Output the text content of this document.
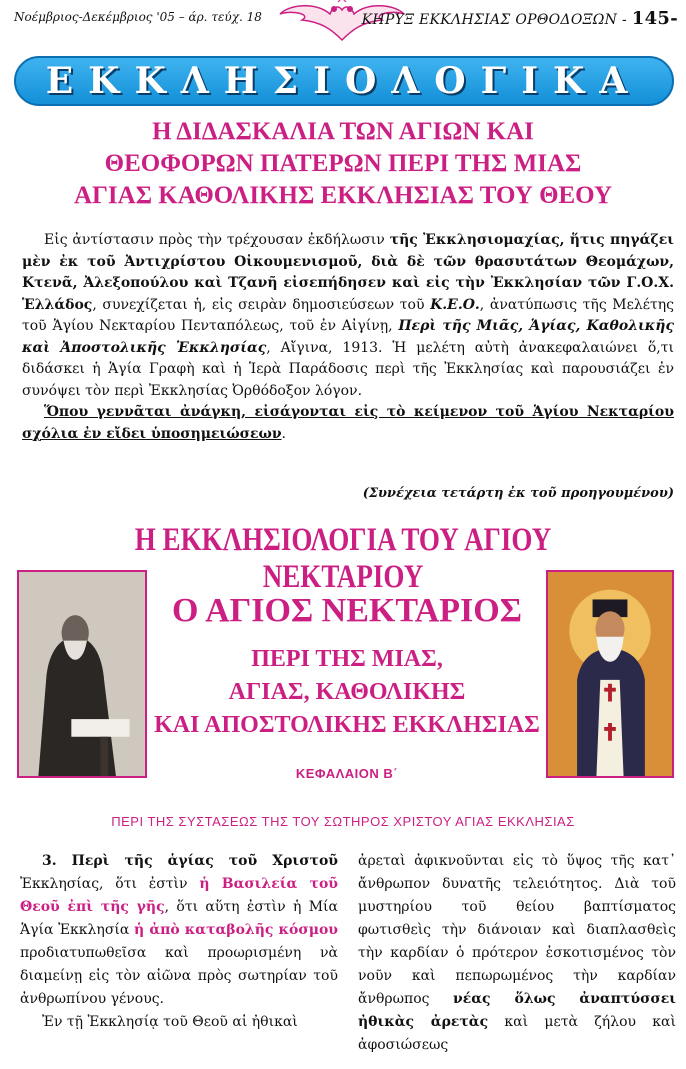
Νοέμβριος-Δεκέμβριος '05 – άρ. τεύχ. 18	ΚΗΡΥΞ ΕΚΚΛΗΣΙΑΣ ΟΡΘΟΔΟΞΩΝ - 145-
ΕΚΚΛΗΣΙΟΛΟΓΙΚΑ
Η ΔΙΔΑΣΚΑΛΙΑ ΤΩΝ ΑΓΙΩΝ ΚΑΙ
ΘΕΟΦΟΡΩΝ ΠΑΤΕΡΩΝ ΠΕΡΙ ΤΗΣ ΜΙΑΣ
ΑΓΙΑΣ ΚΑΘΟΛΙΚΗΣ ΕΚΚΛΗΣΙΑΣ ΤΟΥ ΘΕΟΥ

Εἰς ἀντίστασιν πρὸς τὴν τρέχουσαν ἐκδήλωσιν τῆς Ἐκκλησιομαχίας, ἥτις πηγάζει μὲν ἐκ τοῦ Ἀντιχρίστου Οἰκουμενισμοῦ, διὰ δὲ τῶν θρασυτάτων Θεομάχων, Κτενᾶ, Ἀλεξοπούλου καὶ Τζανῆ εἰσεπήδησεν καὶ εἰς τὴν Ἐκκλησίαν τῶν Γ.Ο.Χ. Ἑλλάδος, συνεχίζεται ἡ, εἰς σειρὰν δημοσιεύσεων τοῦ Κ.Ε.Ο., ἀνατύπωσις τῆς Μελέτης τοῦ Ἁγίου Νεκταρίου Πενταπόλεως, τοῦ ἐν Αἰγίνῃ, Περὶ τῆς Μιᾶς, Ἁγίας, Καθολικῆς καὶ Ἀποστολικῆς Ἐκκλησίας, Αἴγινα, 1913. Ἡ μελέτη αὐτὴ ἀνακεφαλαιώνει ὅ,τι διδάσκει ἡ Ἁγία Γραφὴ καὶ ἡ Ἱερὰ Παράδοσις περὶ τῆς Ἐκκλησίας καὶ παρουσιάζει ἐν συνόψει τὸν περὶ Ἐκκλησίας Ὀρθόδοξον λόγον.

Ὅπου γεννᾶται ἀνάγκη, εἰσάγονται εἰς τὸ κείμενον τοῦ Ἁγίου Νεκταρίου σχόλια ἐν εἴδει ὑποσημειώσεων.

(Συνέχεια τετάρτη ἐκ τοῦ προηγουμένου)
Η ΕΚΚΛΗΣΙΟΛΟΓΙΑ ΤΟΥ ΑΓΙΟΥ ΝΕΚΤΑΡΙΟΥ
Ο ΑΓΙΟΣ ΝΕΚΤΑΡΙΟΣ
ΠΕΡΙ ΤΗΣ ΜΙΑΣ,
ΑΓΙΑΣ, ΚΑΘΟΛΙΚΗΣ
ΚΑΙ ΑΠΟΣΤΟΛΙΚΗΣ ΕΚΚΛΗΣΙΑΣ
ΚΕΦΑΛΑΙΟΝ Β΄
ΠΕΡΙ ΤΗΣ ΣΥΣΤΑΣΕΩΣ ΤΗΣ ΤΟΥ ΣΩΤΗΡΟΣ ΧΡΙΣΤΟΥ ΑΓΙΑΣ ΕΚΚΛΗΣΙΑΣ

3. Περὶ τῆς ἁγίας τοῦ Χριστοῦ Ἐκκλησίας, ὅτι ἐστὶν ἡ Βασιλεία τοῦ Θεοῦ ἐπὶ τῆς γῆς, ὅτι αὕτη ἐστὶν ἡ Μία Ἁγία Ἐκκλησία ἡ ἀπὸ καταβολῆς κόσμου προδιατυπωθεῖσα καὶ προωρισμένη νὰ διαμείνῃ εἰς τὸν αἰῶνα πρὸς σωτηρίαν τοῦ ἀνθρωπίνου γένους.

Ἐν τῇ Ἐκκλησίᾳ τοῦ Θεοῦ αἱ ἠθικαὶ

ἀρεταὶ ἀφικνοῦνται εἰς τὸ ὕψος τῆς κατ᾽ ἄνθρωπον δυνατῆς τελειότητος. Διὰ τοῦ μυστηρίου τοῦ θείου βαπτίσματος φωτισθεὶς τὴν διάνοιαν καὶ διαπλασθεὶς τὴν καρδίαν ὁ πρότερον ἐσκοτισμένος τὸν νοῦν καὶ πεπωρωμένος τὴν καρδίαν ἄνθρωπος νέας ὅλως ἀναπτύσσει ἠθικὰς ἀρετὰς καὶ μετὰ ζήλου καὶ ἀφοσιώσεως
